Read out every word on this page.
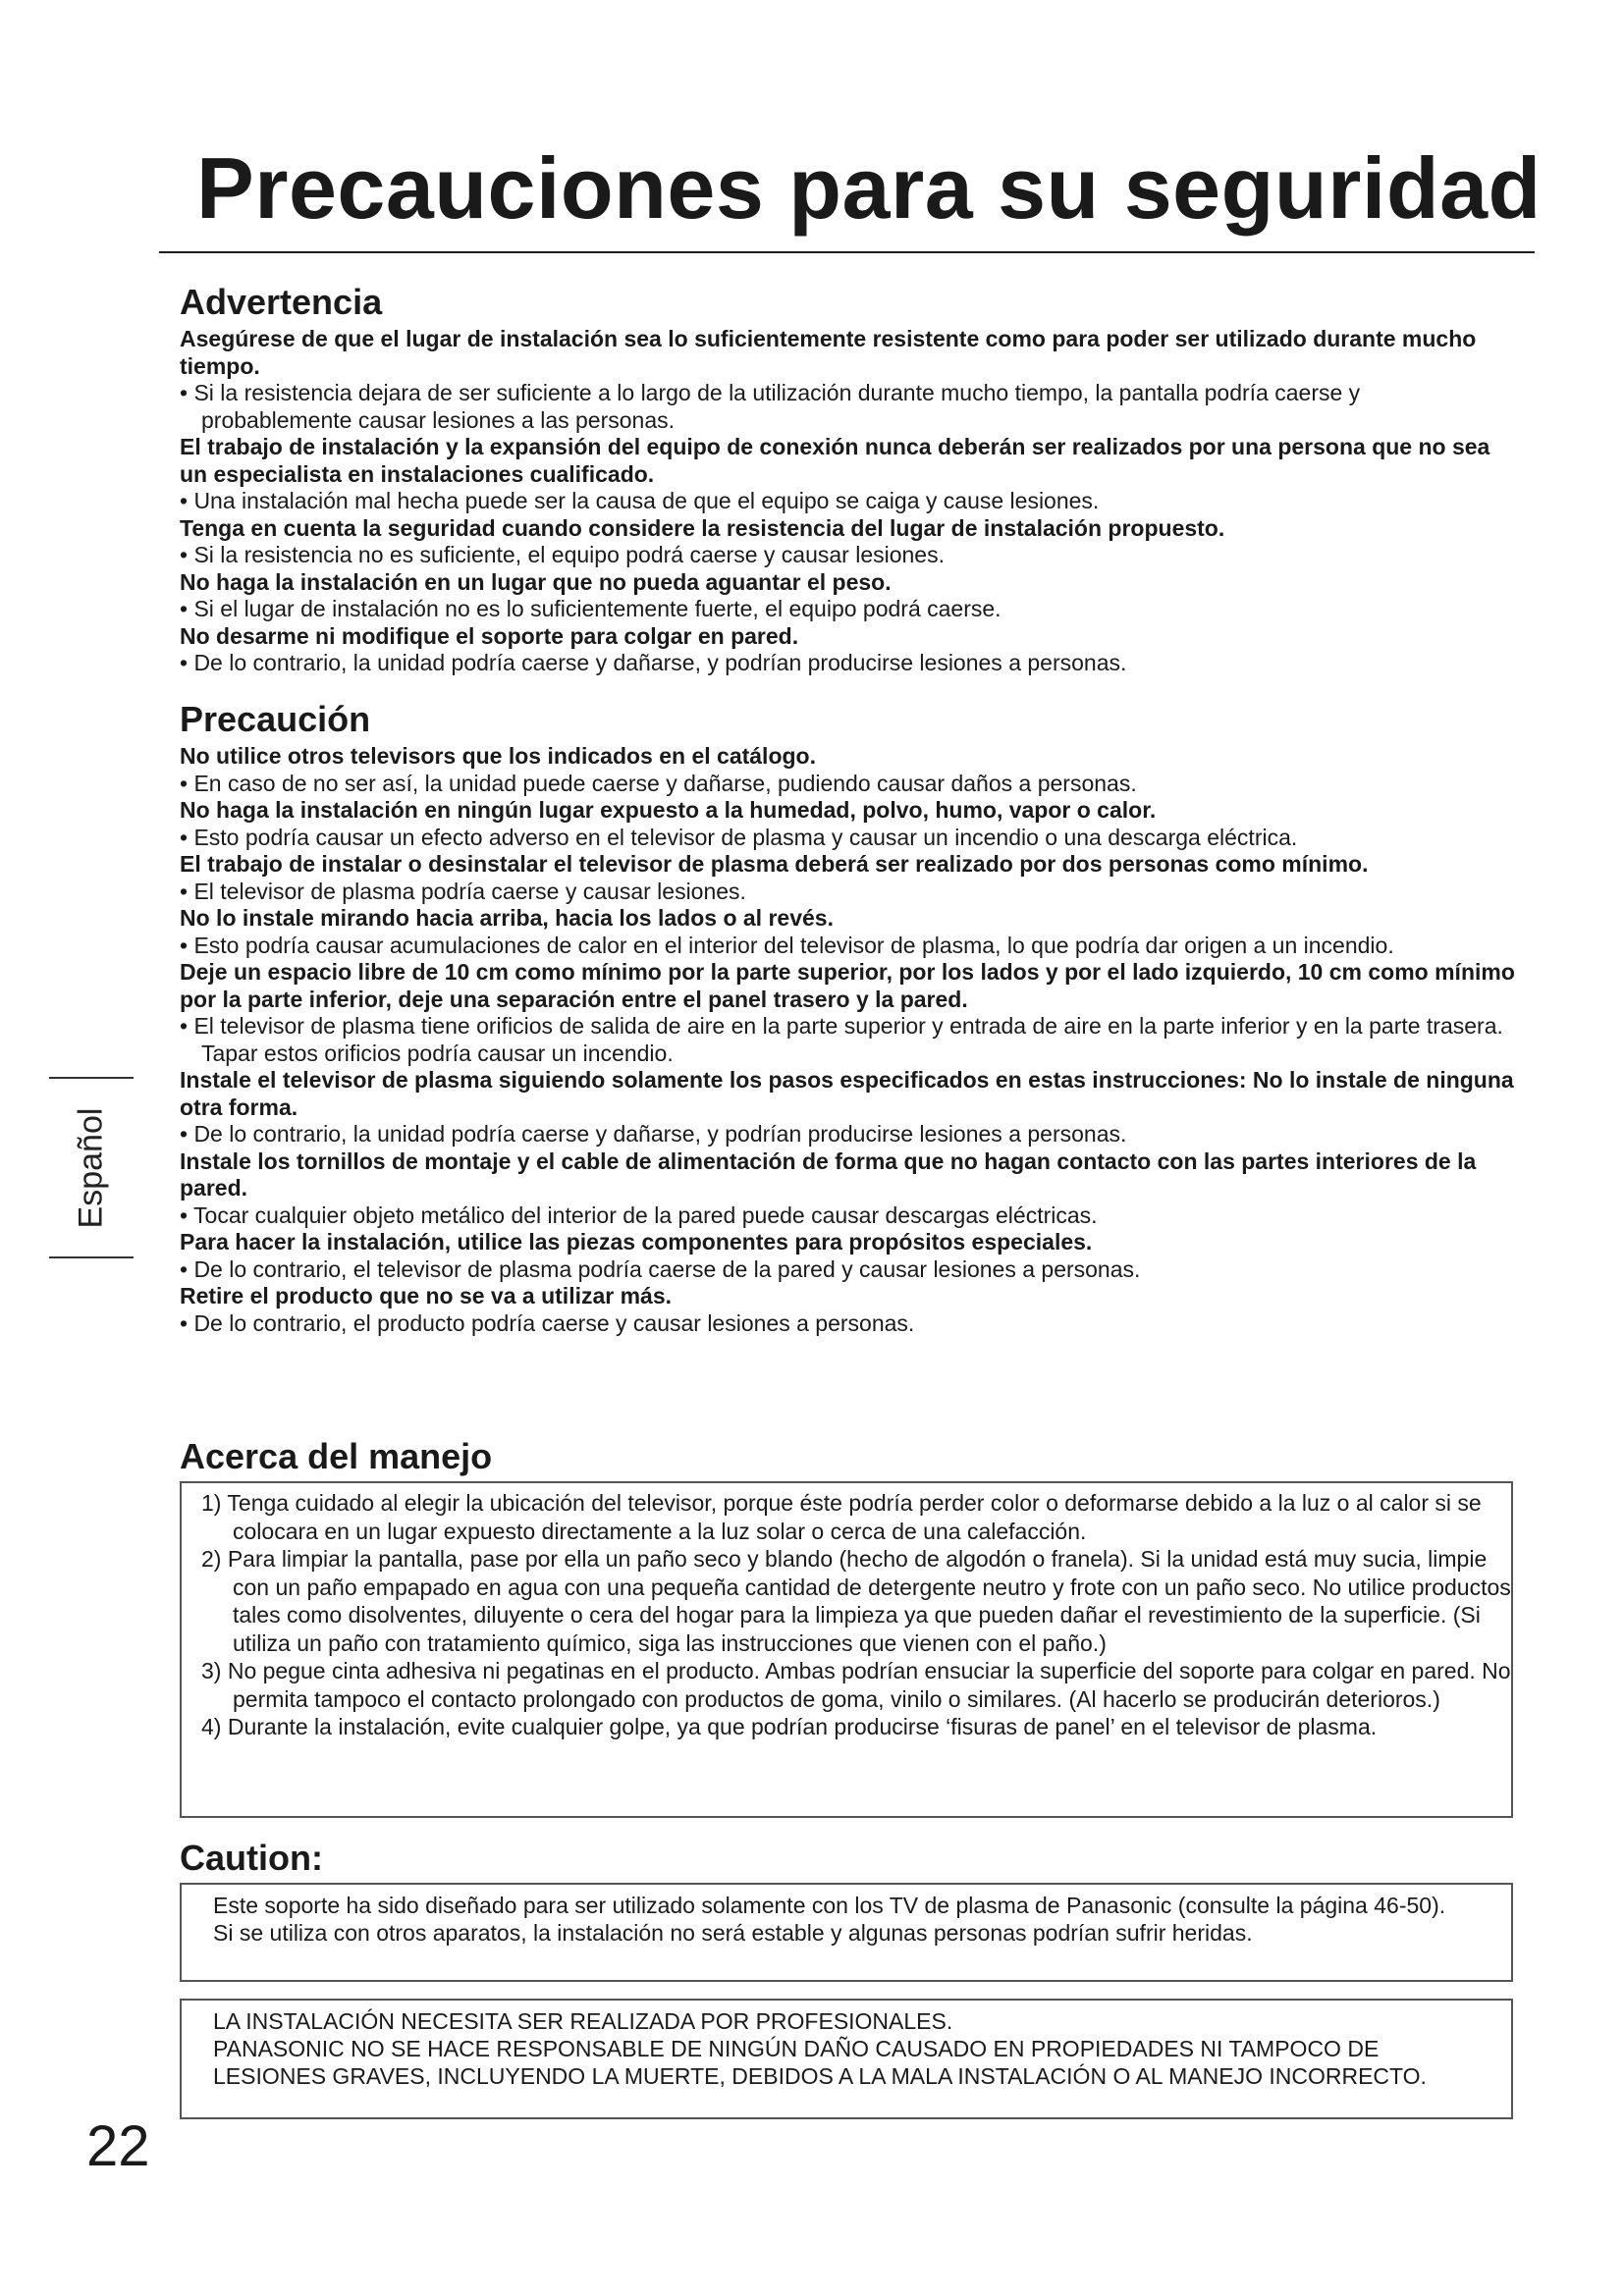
Precauciones para su seguridad
Español
Advertencia

Asegúrese de que el lugar de instalación sea lo suficientemente resistente como para poder ser utilizado durante mucho tiempo.

• Si la resistencia dejara de ser suficiente a lo largo de la utilización durante mucho tiempo, la pantalla podría caerse y probablemente causar lesiones a las personas.

El trabajo de instalación y la expansión del equipo de conexión nunca deberán ser realizados por una persona que no sea un especialista en instalaciones cualificado.

• Una instalación mal hecha puede ser la causa de que el equipo se caiga y cause lesiones.

Tenga en cuenta la seguridad cuando considere la resistencia del lugar de instalación propuesto.

• Si la resistencia no es suficiente, el equipo podrá caerse y causar lesiones.

No haga la instalación en un lugar que no pueda aguantar el peso.

• Si el lugar de instalación no es lo suficientemente fuerte, el equipo podrá caerse.

No desarme ni modifique el soporte para colgar en pared.

• De lo contrario, la unidad podría caerse y dañarse, y podrían producirse lesiones a personas.

Precaución

No utilice otros televisors que los indicados en el catálogo.

• En caso de no ser así, la unidad puede caerse y dañarse, pudiendo causar daños a personas.

No haga la instalación en ningún lugar expuesto a la humedad, polvo, humo, vapor o calor.

• Esto podría causar un efecto adverso en el televisor de plasma y causar un incendio o una descarga eléctrica.

El trabajo de instalar o desinstalar el televisor de plasma deberá ser realizado por dos personas como mínimo.

• El televisor de plasma podría caerse y causar lesiones.

No lo instale mirando hacia arriba, hacia los lados o al revés.

• Esto podría causar acumulaciones de calor en el interior del televisor de plasma, lo que podría dar origen a un incendio.

Deje un espacio libre de 10 cm como mínimo por la parte superior, por los lados y por el lado izquierdo, 10 cm como mínimo por la parte inferior, deje una separación entre el panel trasero y la pared.

• El televisor de plasma tiene orificios de salida de aire en la parte superior y entrada de aire en la parte inferior y en la parte trasera. Tapar estos orificios podría causar un incendio.

Instale el televisor de plasma siguiendo solamente los pasos especificados en estas instrucciones: No lo instale de ninguna otra forma.

• De lo contrario, la unidad podría caerse y dañarse, y podrían producirse lesiones a personas.

Instale los tornillos de montaje y el cable de alimentación de forma que no hagan contacto con las partes interiores de la pared.

• Tocar cualquier objeto metálico del interior de la pared puede causar descargas eléctricas.

Para hacer la instalación, utilice las piezas componentes para propósitos especiales.

• De lo contrario, el televisor de plasma podría caerse de la pared y causar lesiones a personas.

Retire el producto que no se va a utilizar más.

• De lo contrario, el producto podría caerse y causar lesiones a personas.

Acerca del manejo
1) Tenga cuidado al elegir la ubicación del televisor, porque éste podría perder color o deformarse debido a la luz o al calor si se colocara en un lugar expuesto directamente a la luz solar o cerca de una calefacción.
2) Para limpiar la pantalla, pase por ella un paño seco y blando (hecho de algodón o franela). Si la unidad está muy sucia, limpie con un paño empapado en agua con una pequeña cantidad de detergente neutro y frote con un paño seco. No utilice productos tales como disolventes, diluyente o cera del hogar para la limpieza ya que pueden dañar el revestimiento de la superficie. (Si utiliza un paño con tratamiento químico, siga las instrucciones que vienen con el paño.)
3) No pegue cinta adhesiva ni pegatinas en el producto. Ambas podrían ensuciar la superficie del soporte para colgar en pared. No permita tampoco el contacto prolongado con productos de goma, vinilo o similares. (Al hacerlo se producirán deterioros.)
4) Durante la instalación, evite cualquier golpe, ya que podrían producirse ‘fisuras de panel’ en el televisor de plasma.
Caution:

Este soporte ha sido diseñado para ser utilizado solamente con los TV de plasma de Panasonic (consulte la página 46-50).

Si se utiliza con otros aparatos, la instalación no será estable y algunas personas podrían sufrir heridas.

LA INSTALACIÓN NECESITA SER REALIZADA POR PROFESIONALES.

PANASONIC NO SE HACE RESPONSABLE DE NINGÚN DAÑO CAUSADO EN PROPIEDADES NI TAMPOCO DE LESIONES GRAVES, INCLUYENDO LA MUERTE, DEBIDOS A LA MALA INSTALACIÓN O AL MANEJO INCORRECTO.

22
